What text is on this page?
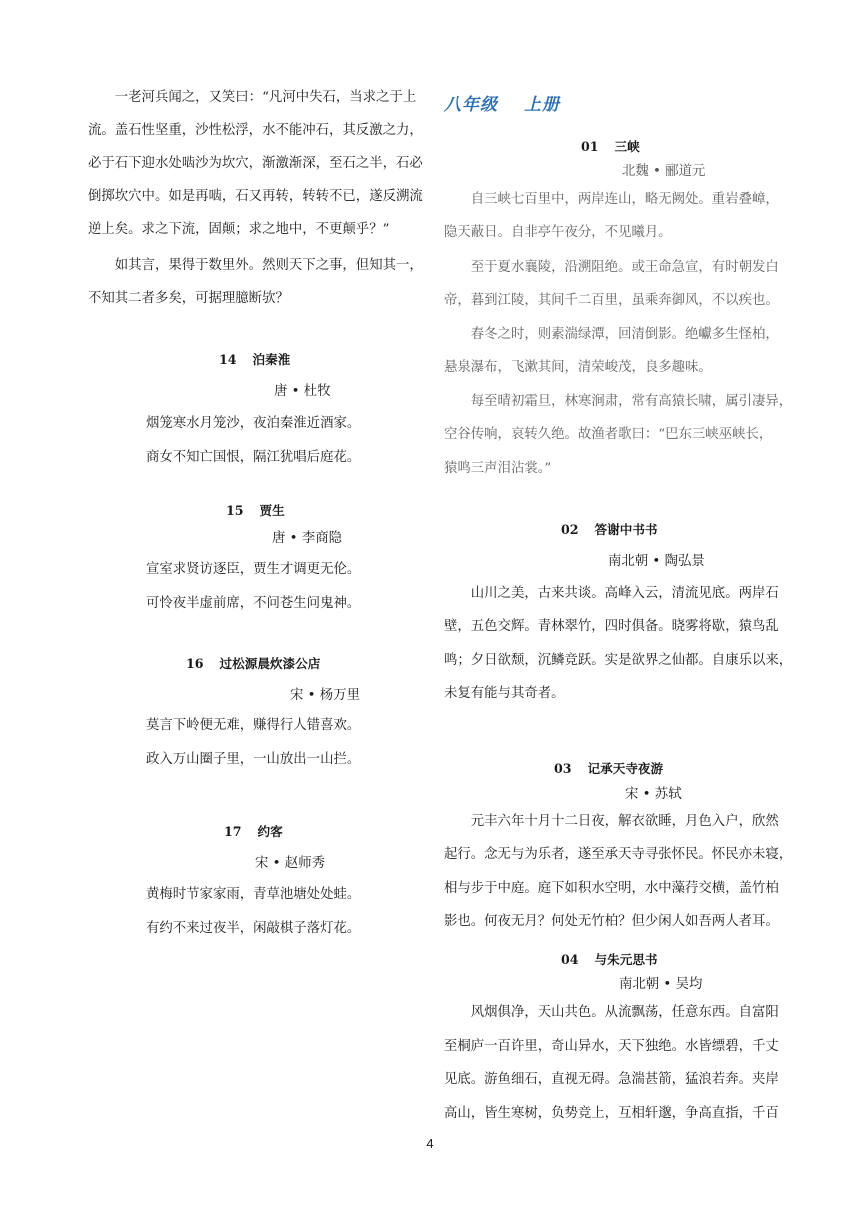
　　一老河兵闻之，又笑曰：“凡河中失石，当求之于上
流。盖石性坚重，沙性松浮，水不能冲石，其反激之力，
必于石下迎水处啮沙为坎穴，渐激渐深，至石之半，石必
倒掷坎穴中。如是再啮，石又再转，转转不已，遂反溯流
逆上矣。求之下流，固颠；求之地中，不更颠乎？”
　　如其言，果得于数里外。然则天下之事，但知其一，
不知其二者多矣，可据理臆断欤？
14 泊秦淮
唐 • 杜牧
烟笼寒水月笼沙，夜泊秦淮近酒家。
商女不知亡国恨，隔江犹唱后庭花。
15 贾生
唐 • 李商隐
宣室求贤访逐臣，贾生才调更无伦。
可怜夜半虚前席，不问苍生问鬼神。
16 过松源晨炊漆公店
宋 • 杨万里
莫言下岭便无难，赚得行人错喜欢。
政入万山圈子里，一山放出一山拦。
17 约客
宋 • 赵师秀
黄梅时节家家雨，青草池塘处处蛙。
有约不来过夜半，闲敲棋子落灯花。
八年级 上册
01 三峡
北魏 • 郦道元
　　自三峡七百里中，两岸连山，略无阙处。重岩叠嶂，
隐天蔽日。自非亭午夜分，不见曦月。
　　至于夏水襄陵，沿溯阻绝。或王命急宣，有时朝发白
帝，暮到江陵，其间千二百里，虽乘奔御风，不以疾也。
　　春冬之时，则素湍绿潭，回清倒影。绝巘多生怪柏，
悬泉瀑布，飞漱其间，清荣峻茂，良多趣味。
　　每至晴初霜旦，林寒涧肃，常有高猿长啸，属引凄异，
空谷传响，哀转久绝。故渔者歌曰：“巴东三峡巫峡长，
猿鸣三声泪沾裳。”
02 答谢中书书
南北朝 • 陶弘景
　　山川之美，古来共谈。高峰入云，清流见底。两岸石
壁，五色交辉。青林翠竹，四时俱备。晓雾将歇，猿鸟乱
鸣；夕日欲颓，沉鳞竞跃。实是欲界之仙都。自康乐以来，
未复有能与其奇者。
03 记承天寺夜游
宋 • 苏轼
　　元丰六年十月十二日夜，解衣欲睡，月色入户，欣然
起行。念无与为乐者，遂至承天寺寻张怀民。怀民亦未寝，
相与步于中庭。庭下如积水空明，水中藻荇交横，盖竹柏
影也。何夜无月？何处无竹柏？但少闲人如吾两人者耳。
04 与朱元思书
南北朝 • 吴均
　　风烟俱净，天山共色。从流飘荡，任意东西。自富阳
至桐庐一百许里，奇山异水，天下独绝。水皆缥碧，千丈
见底。游鱼细石，直视无碍。急湍甚箭，猛浪若奔。夹岸
高山，皆生寒树，负势竞上，互相轩邈，争高直指，千百
4
